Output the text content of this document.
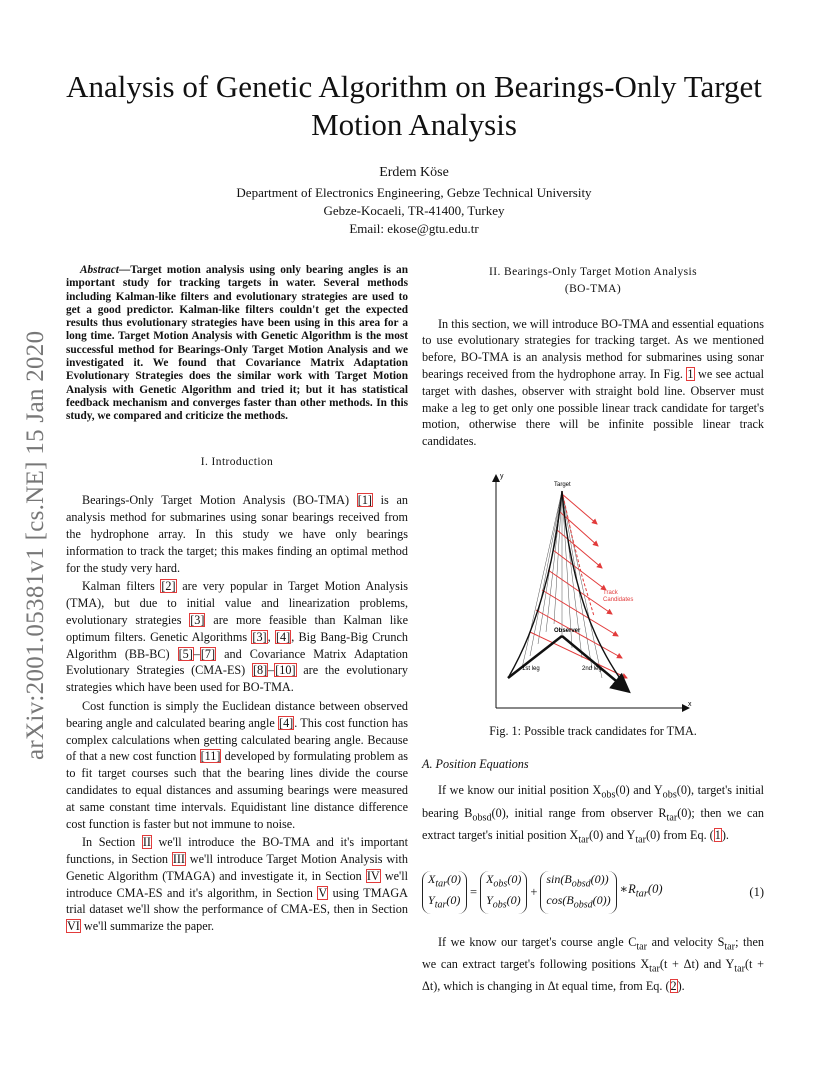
arXiv:2001.05381v1 [cs.NE] 15 Jan 2020
Analysis of Genetic Algorithm on Bearings-Only Target Motion Analysis
Erdem Köse
Department of Electronics Engineering, Gebze Technical University
Gebze-Kocaeli, TR-41400, Turkey
Email: ekose@gtu.edu.tr

Abstract—Target motion analysis using only bearing angles is an important study for tracking targets in water. Several methods including Kalman-like filters and evolutionary strategies are used to get a good predictor. Kalman-like filters couldn't get the expected results thus evolutionary strategies have been using in this area for a long time. Target Motion Analysis with Genetic Algorithm is the most successful method for Bearings-Only Target Motion Analysis and we investigated it. We found that Covariance Matrix Adaptation Evolutionary Strategies does the similar work with Target Motion Analysis with Genetic Algorithm and tried it; but it has statistical feedback mechanism and converges faster than other methods. In this study, we compared and criticize the methods.

I. Introduction

Bearings-Only Target Motion Analysis (BO-TMA) [1] is an analysis method for submarines using sonar bearings received from the hydrophone array. In this study we have only bearings information to track the target; this makes finding an optimal method for the study very hard.

Kalman filters [2] are very popular in Target Motion Analysis (TMA), but due to initial value and linearization problems, evolutionary strategies [3] are more feasible than Kalman like optimum filters. Genetic Algorithms [3], [4], Big Bang-Big Crunch Algorithm (BB-BC) [5]–[7] and Covariance Matrix Adaptation Evolutionary Strategies (CMA-ES) [8]–[10] are the evolutionary strategies which have been used for BO-TMA.

Cost function is simply the Euclidean distance between observed bearing angle and calculated bearing angle [4]. This cost function has complex calculations when getting calculated bearing angle. Because of that a new cost function [11] developed by formulating problem as to fit target courses such that the bearing lines divide the course candidates to equal distances and assuming bearings were measured at same constant time intervals. Equidistant line distance difference cost function is faster but not immune to noise.

In Section II we'll introduce the BO-TMA and it's important functions, in Section III we'll introduce Target Motion Analysis with Genetic Algorithm (TMAGA) and investigate it, in Section IV we'll introduce CMA-ES and it's algorithm, in Section V using TMAGA trial dataset we'll show the performance of CMA-ES, then in Section VI we'll summarize the paper.

II. Bearings-Only Target Motion Analysis

(BO-TMA)

In this section, we will introduce BO-TMA and essential equations to use evolutionary strategies for tracking target. As we mentioned before, BO-TMA is an analysis method for submarines using sonar bearings received from the hydrophone array. In Fig. 1 we see actual target with dashes, observer with straight bold line. Observer must make a leg to get only one possible linear track candidate for target's motion, otherwise there will be infinite possible linear track candidates.

y
x
Target
Track
Candidates
Observer
1st leg	2nd leg

Fig. 1: Possible track candidates for TMA.

A. Position Equations

If we know our initial position $X_{obs}(0)$ and $Y_{obs}(0)$, target's initial bearing $B_{obsd}(0)$, initial range from observer $R_{tar}(0)$; then we can extract target's initial position $X_{tar}(0)$ and $Y_{tar}(0)$ from Eq. (1).

$X_{tar}(0)$
$Y_{tar}(0)$
=
$X_{obs}(0)$
$Y_{obs}(0)$
+
$\sin(B_{obsd}(0))$
$\cos(B_{obsd}(0))$
$∗R_{tar}(0)$	(1)

If we know our target's course angle $C_{tar}$ and velocity $S_{tar}$; then we can extract target's following positions $X_{tar}(t + \Delta t)$ and $Y_{tar}(t + \Delta t)$, which is changing in Δt equal time, from Eq. (2).
